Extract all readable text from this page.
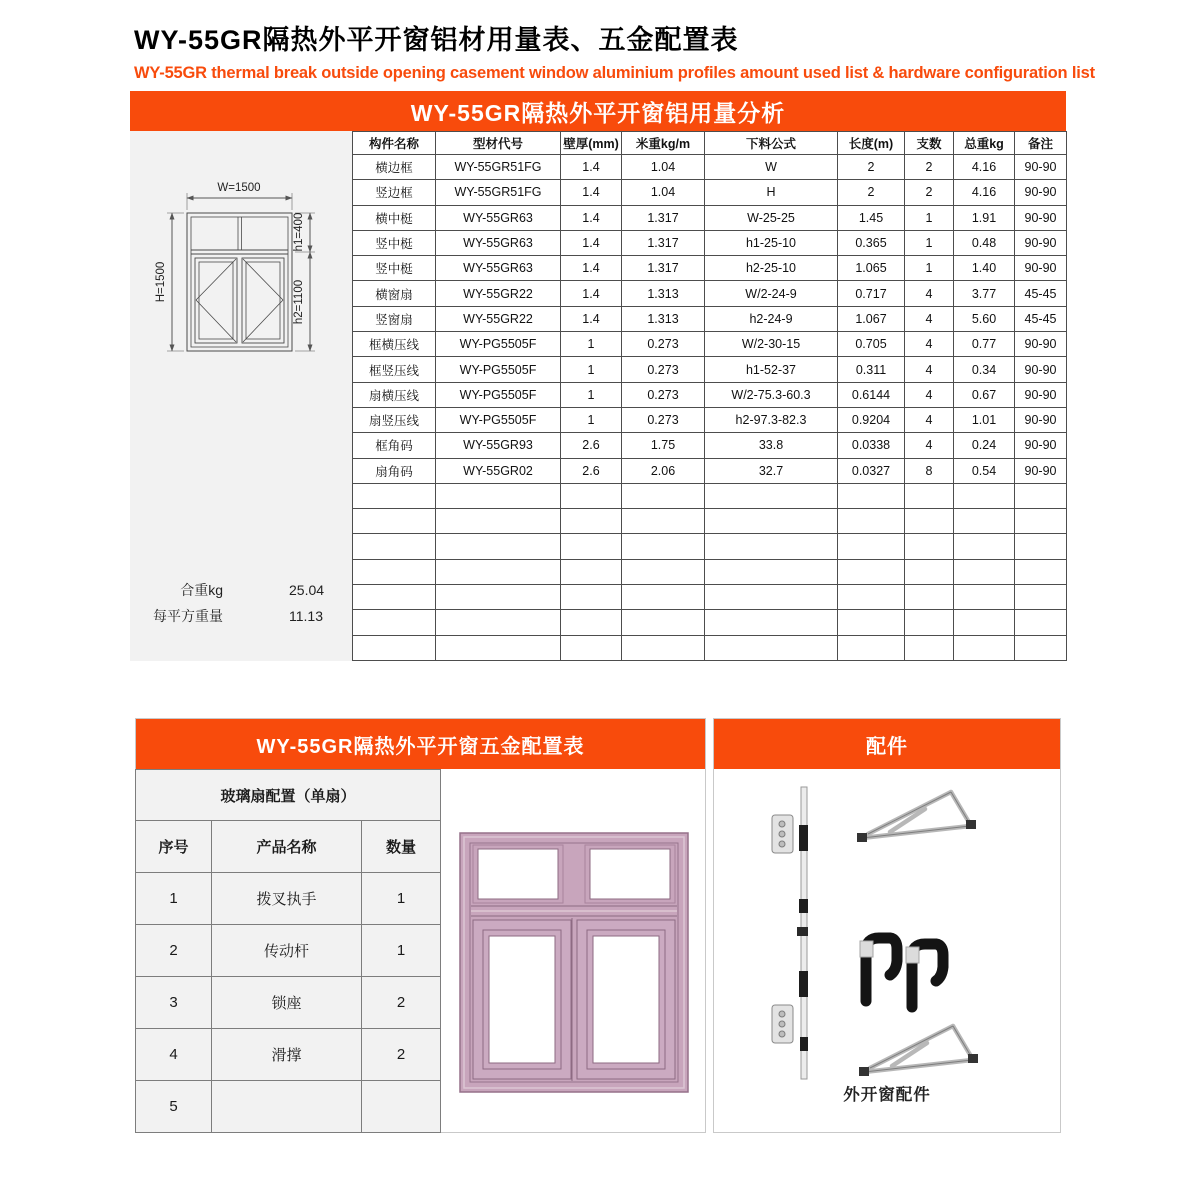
WY-55GR隔热外平开窗铝材用量表、五金配置表
WY-55GR thermal break outside opening casement window aluminium profiles amount used list & hardware configuration list
WY-55GR隔热外平开窗铝用量分析
W=1500
H=1500
h1=400
h2=1100
合重kg	25.04
每平方重量	11.13
构件名称	型材代号	壁厚(mm)	米重kg/m	下料公式	长度(m)	支数	总重kg	备注
横边框	WY-55GR51FG	1.4	1.04	W	2	2	4.16	90-90
竖边框	WY-55GR51FG	1.4	1.04	H	2	2	4.16	90-90
横中梃	WY-55GR63	1.4	1.317	W-25-25	1.45	1	1.91	90-90
竖中梃	WY-55GR63	1.4	1.317	h1-25-10	0.365	1	0.48	90-90
竖中梃	WY-55GR63	1.4	1.317	h2-25-10	1.065	1	1.40	90-90
横窗扇	WY-55GR22	1.4	1.313	W/2-24-9	0.717	4	3.77	45-45
竖窗扇	WY-55GR22	1.4	1.313	h2-24-9	1.067	4	5.60	45-45
框横压线	WY-PG5505F	1	0.273	W/2-30-15	0.705	4	0.77	90-90
框竖压线	WY-PG5505F	1	0.273	h1-52-37	0.311	4	0.34	90-90
扇横压线	WY-PG5505F	1	0.273	W/2-75.3-60.3	0.6144	4	0.67	90-90
扇竖压线	WY-PG5505F	1	0.273	h2-97.3-82.3	0.9204	4	1.01	90-90
框角码	WY-55GR93	2.6	1.75	33.8	0.0338	4	0.24	90-90
扇角码	WY-55GR02	2.6	2.06	32.7	0.0327	8	0.54	90-90

WY-55GR隔热外平开窗五金配置表
玻璃扇配置（单扇）		
序号	产品名称	数量
1	拨叉执手	1
2	传动杆	1
3	锁座	2
4	滑撑	2
5		
配件
外开窗配件
